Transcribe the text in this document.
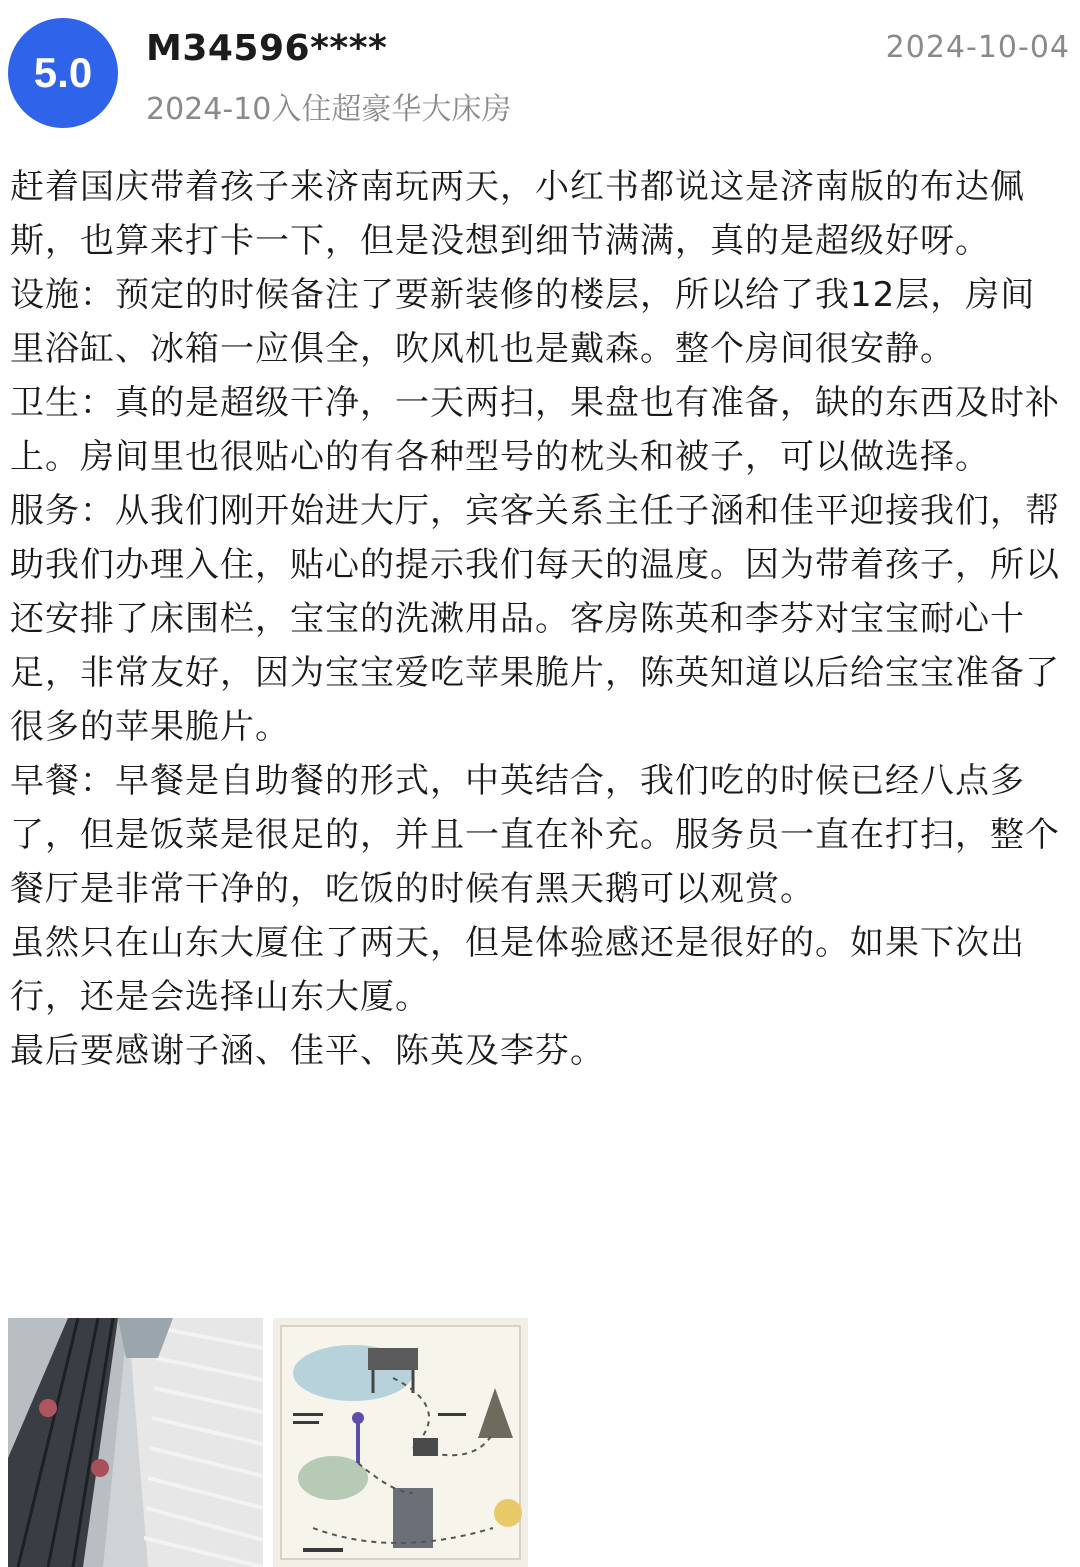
5.0
M34596****
2024-10入住超豪华大床房
2024-10-04

赶着国庆带着孩子来济南玩两天，小红书都说这是济南版的布达佩斯，也算来打卡一下，但是没想到细节满满，真的是超级好呀。

设施：预定的时候备注了要新装修的楼层，所以给了我12层，房间里浴缸、冰箱一应俱全，吹风机也是戴森。整个房间很安静。

卫生：真的是超级干净，一天两扫，果盘也有准备，缺的东西及时补上。房间里也很贴心的有各种型号的枕头和被子，可以做选择。

服务：从我们刚开始进大厅，宾客关系主任子涵和佳平迎接我们，帮助我们办理入住，贴心的提示我们每天的温度。因为带着孩子，所以还安排了床围栏，宝宝的洗漱用品。客房陈英和李芬对宝宝耐心十足，非常友好，因为宝宝爱吃苹果脆片，陈英知道以后给宝宝准备了很多的苹果脆片。

早餐：早餐是自助餐的形式，中英结合，我们吃的时候已经八点多了，但是饭菜是很足的，并且一直在补充。服务员一直在打扫，整个餐厅是非常干净的，吃饭的时候有黑天鹅可以观赏。

虽然只在山东大厦住了两天，但是体验感还是很好的。如果下次出行，还是会选择山东大厦。

最后要感谢子涵、佳平、陈英及李芬。
